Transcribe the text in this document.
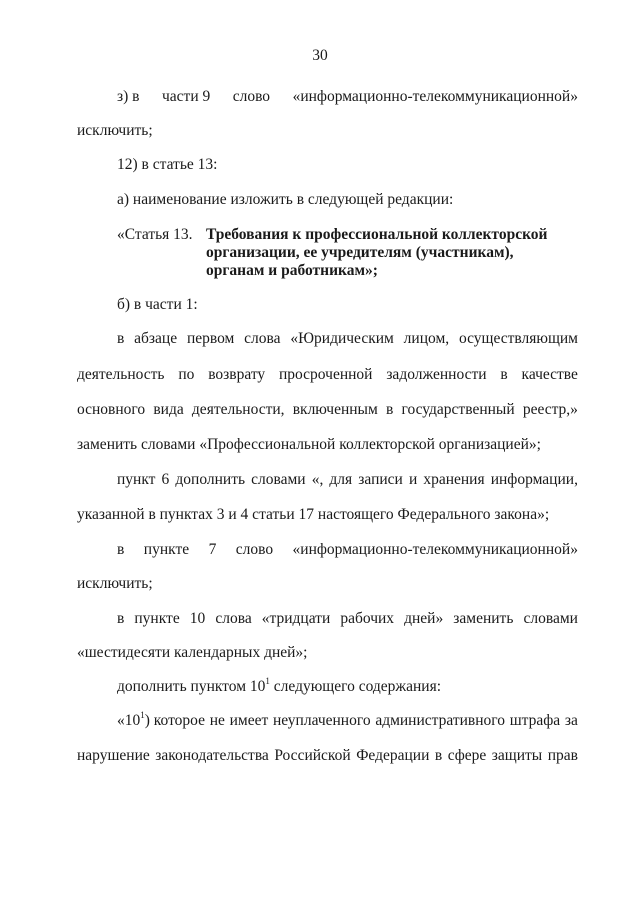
30
з) в части 9 слово «информационно-телекоммуникационной»
исключить;
12) в статье 13:
а) наименование изложить в следующей редакции:
«Статья 13. Требования к профессиональной коллекторской
организации, ее учредителям (участникам),
органам и работникам»;
б) в части 1:
в абзаце первом слова «Юридическим лицом, осуществляющим
деятельность по возврату просроченной задолженности в качестве
основного вида деятельности, включенным в государственный реестр,»
заменить словами «Профессиональной коллекторской организацией»;
пункт 6 дополнить словами «, для записи и хранения информации,
указанной в пунктах 3 и 4 статьи 17 настоящего Федерального закона»;
в пункте 7 слово «информационно-телекоммуникационной»
исключить;
в пункте 10 слова «тридцати рабочих дней» заменить словами
«шестидесяти календарных дней»;
дополнить пунктом $10^1$ следующего содержания:
«$10^1$) которое не имеет неуплаченного административного штрафа за
нарушение законодательства Российской Федерации в сфере защиты прав
